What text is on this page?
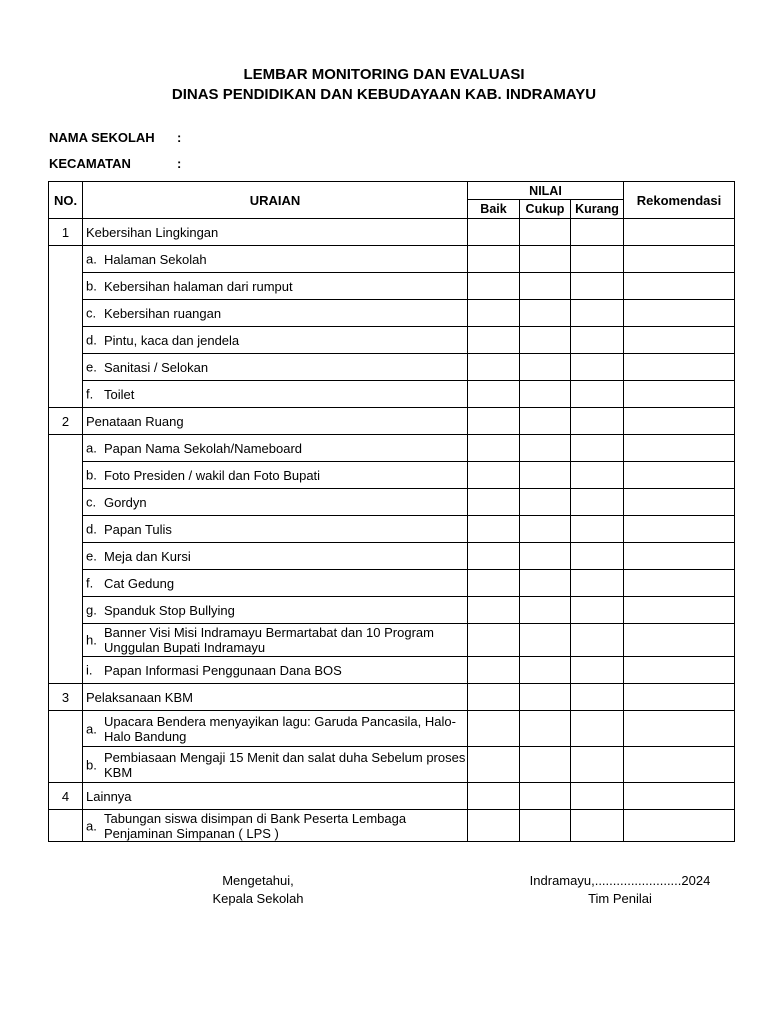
LEMBAR MONITORING DAN EVALUASI
DINAS PENDIDIKAN DAN KEBUDAYAAN KAB. INDRAMAYU
NAMA SEKOLAH :
KECAMATAN	:
NO.	URAIAN	NILAI			Rekomendasi
		Baik	Cukup	Kurang	
1	Kebersihan Lingkingan				

	a. Halaman Sekolah				

	b. Kebersihan halaman dari rumput				

	c. Kebersihan ruangan				

	d. Pintu, kaca dan jendela				

	e. Sanitasi / Selokan				

	f. Toilet				
2	Penataan Ruang				

	a. Papan Nama Sekolah/Nameboard				

	b. Foto Presiden / wakil dan Foto Bupati				

	c. Gordyn				

	d. Papan Tulis				

	e. Meja dan Kursi				

	f. Cat Gedung				

	g. Spanduk Stop Bullying				

	h. Banner Visi Misi Indramayu Bermartabat dan 10 Program Unggulan Bupati Indramayu				

	i. Papan Informasi Penggunaan Dana BOS				
3	Pelaksanaan KBM				

	a. Upacara Bendera menyayikan lagu: Garuda Pancasila, Halo-Halo Bandung				

	b. Pembiasaan Mengaji 15 Menit dan salat duha Sebelum proses KBM				
4	Lainnya				

	a. Tabungan siswa disimpan di Bank Peserta Lembaga Penjaminan Simpanan ( LPS )				
Mengetahui,
Kepala Sekolah
Indramayu,........................2024
Tim Penilai
